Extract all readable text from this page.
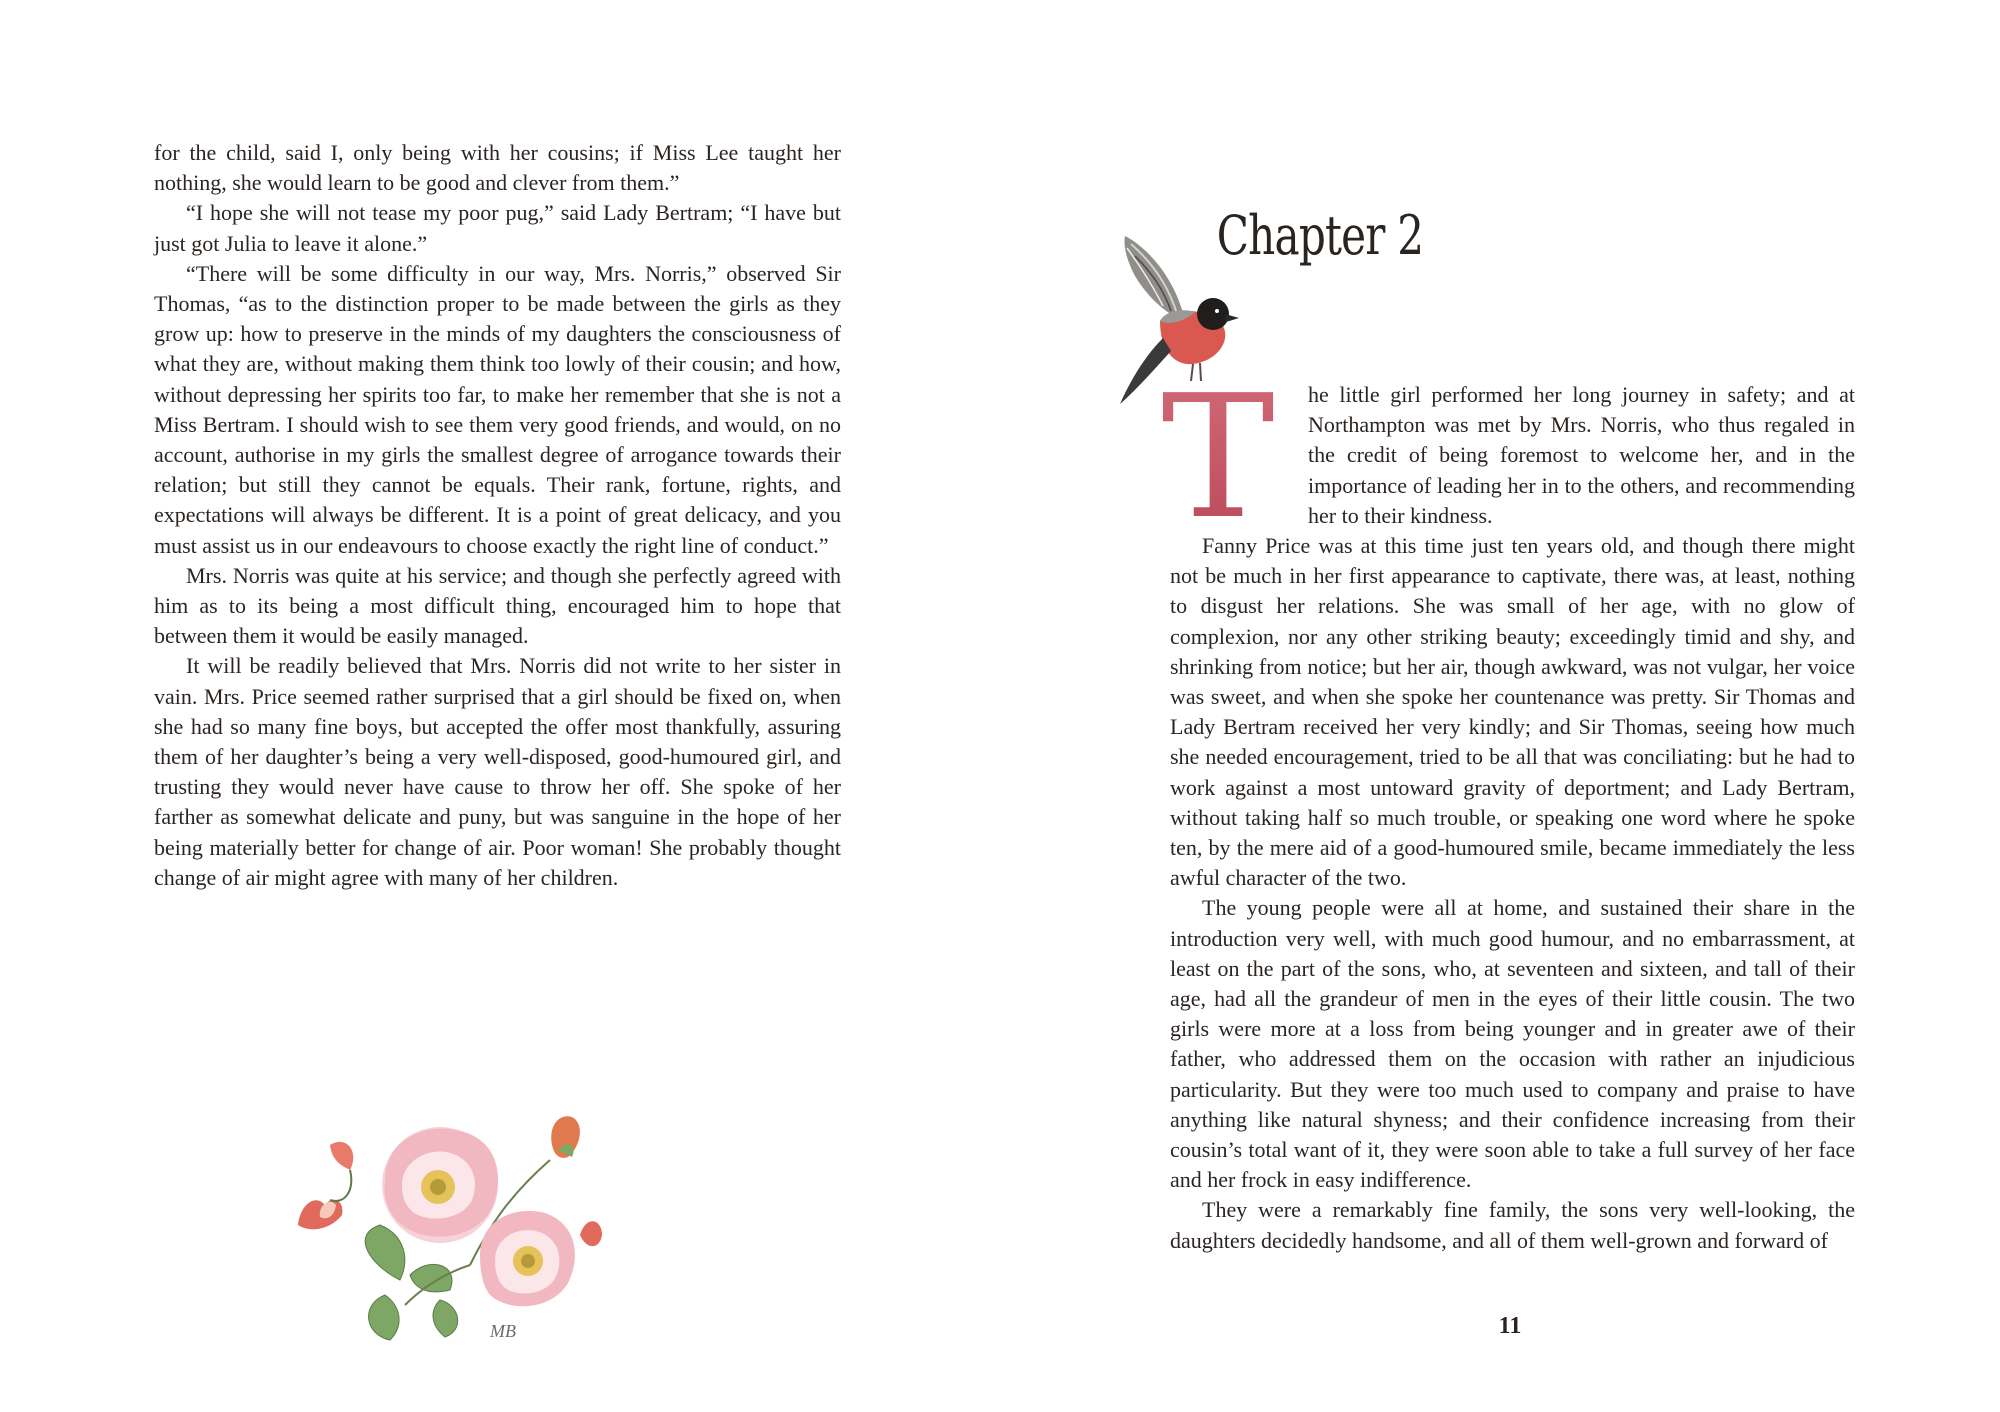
for the child, said I, only being with her cousins; if Miss Lee taught her nothing, she would learn to be good and clever from them.”

“I hope she will not tease my poor pug,” said Lady Bertram; “I have but just got Julia to leave it alone.”

“There will be some difficulty in our way, Mrs. Norris,” observed Sir Thomas, “as to the distinction proper to be made between the girls as they grow up: how to preserve in the minds of my daughters the consciousness of what they are, without making them think too lowly of their cousin; and how, without depressing her spirits too far, to make her remember that she is not a Miss Bertram. I should wish to see them very good friends, and would, on no account, authorise in my girls the smallest degree of arrogance towards their relation; but still they cannot be equals. Their rank, fortune, rights, and expectations will always be different. It is a point of great delicacy, and you must assist us in our endeavours to choose exactly the right line of conduct.”

Mrs. Norris was quite at his service; and though she perfectly agreed with him as to its being a most difficult thing, encouraged him to hope that between them it would be easily managed.

It will be readily believed that Mrs. Norris did not write to her sister in vain. Mrs. Price seemed rather surprised that a girl should be fixed on, when she had so many fine boys, but accepted the offer most thankfully, assuring them of her daughter’s being a very well-disposed, good-humoured girl, and trusting they would never have cause to throw her off. She spoke of her farther as somewhat delicate and puny, but was sanguine in the hope of her being materially better for change of air. Poor woman! She probably thought change of air might agree with many of her children.

MB
Chapter 2
T he little girl performed her long journey in safety; and at Northampton was met by Mrs. Norris, who thus regaled in the credit of being foremost to welcome her, and in the importance of leading her in to the others, and recommending her to their kindness.

Fanny Price was at this time just ten years old, and though there might not be much in her first appearance to captivate, there was, at least, nothing to disgust her relations. She was small of her age, with no glow of complexion, nor any other striking beauty; exceedingly timid and shy, and shrinking from notice; but her air, though awkward, was not vulgar, her voice was sweet, and when she spoke her countenance was pretty. Sir Thomas and Lady Bertram received her very kindly; and Sir Thomas, seeing how much she needed encouragement, tried to be all that was conciliating: but he had to work against a most untoward gravity of deportment; and Lady Bertram, without taking half so much trouble, or speaking one word where he spoke ten, by the mere aid of a good-humoured smile, became immediately the less awful character of the two.

The young people were all at home, and sustained their share in the introduction very well, with much good humour, and no embarrassment, at least on the part of the sons, who, at seventeen and sixteen, and tall of their age, had all the grandeur of men in the eyes of their little cousin. The two girls were more at a loss from being younger and in greater awe of their father, who addressed them on the occasion with rather an injudicious particularity. But they were too much used to company and praise to have anything like natural shyness; and their confidence increasing from their cousin’s total want of it, they were soon able to take a full survey of her face and her frock in easy indifference.

They were a remarkably fine family, the sons very well-looking, the daughters decidedly handsome, and all of them well-grown and forward of

11
